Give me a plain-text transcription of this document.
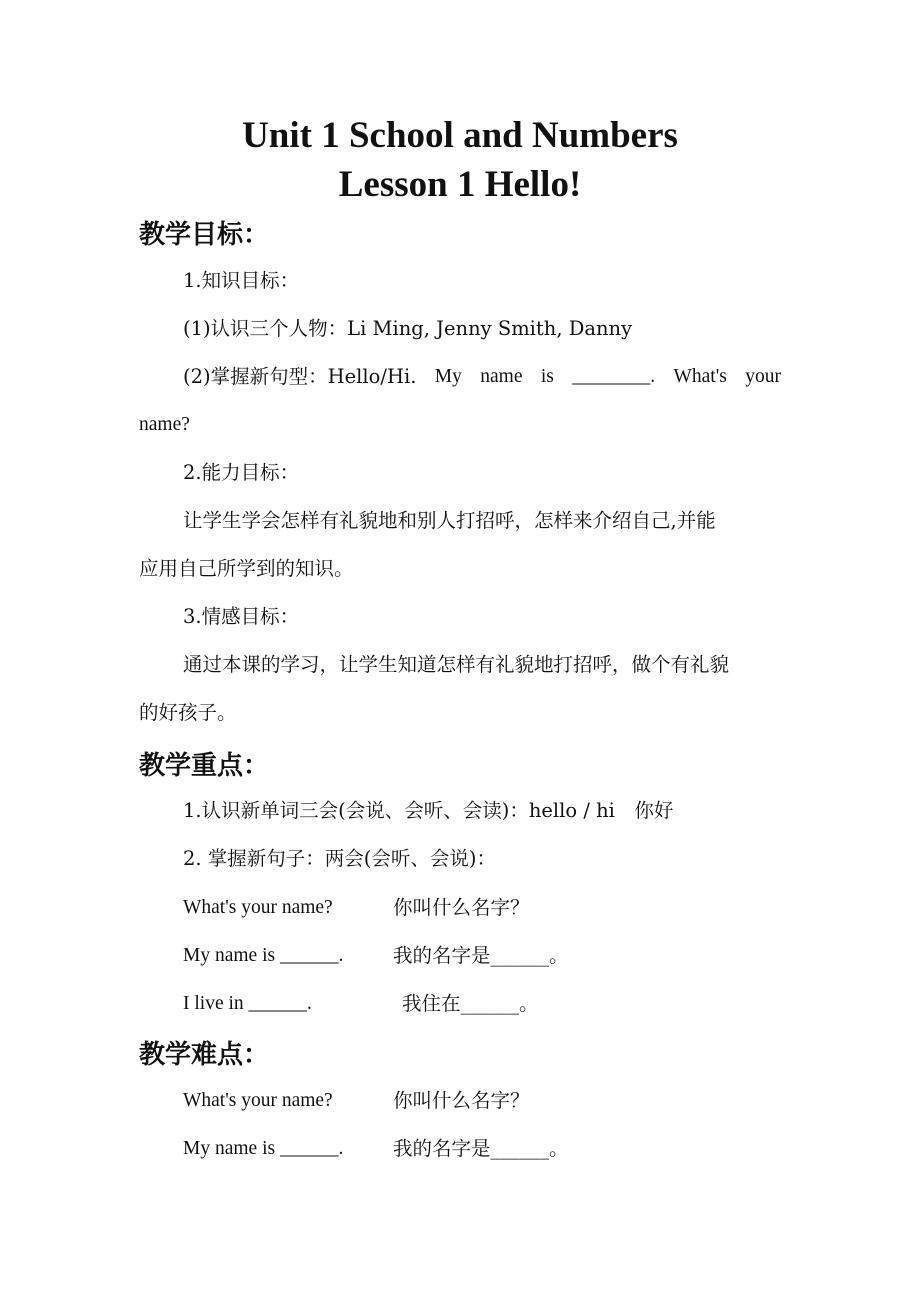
Unit 1 School and Numbers
Lesson 1 Hello!
教学目标：

1.知识目标：

(1)认识三个人物：Li Ming, Jenny Smith, Danny

(2)掌握新句型：Hello/Hi. My name is ________. What's your

name?

2.能力目标：

让学生学会怎样有礼貌地和别人打招呼，怎样来介绍自己,并能

应用自己所学到的知识。

3.情感目标：

通过本课的学习，让学生知道怎样有礼貌地打招呼，做个有礼貌

的好孩子。

教学重点：

1.认识新单词三会(会说、会听、会读)：hello / hi　你好

2. 掌握新句子：两会(会听、会说)：

What's your name?	你叫什么名字？
My name is ______.	我的名字是______。
I live in ______.	我住在______。
教学难点：
What's your name?	你叫什么名字？
My name is ______.	我的名字是______。
